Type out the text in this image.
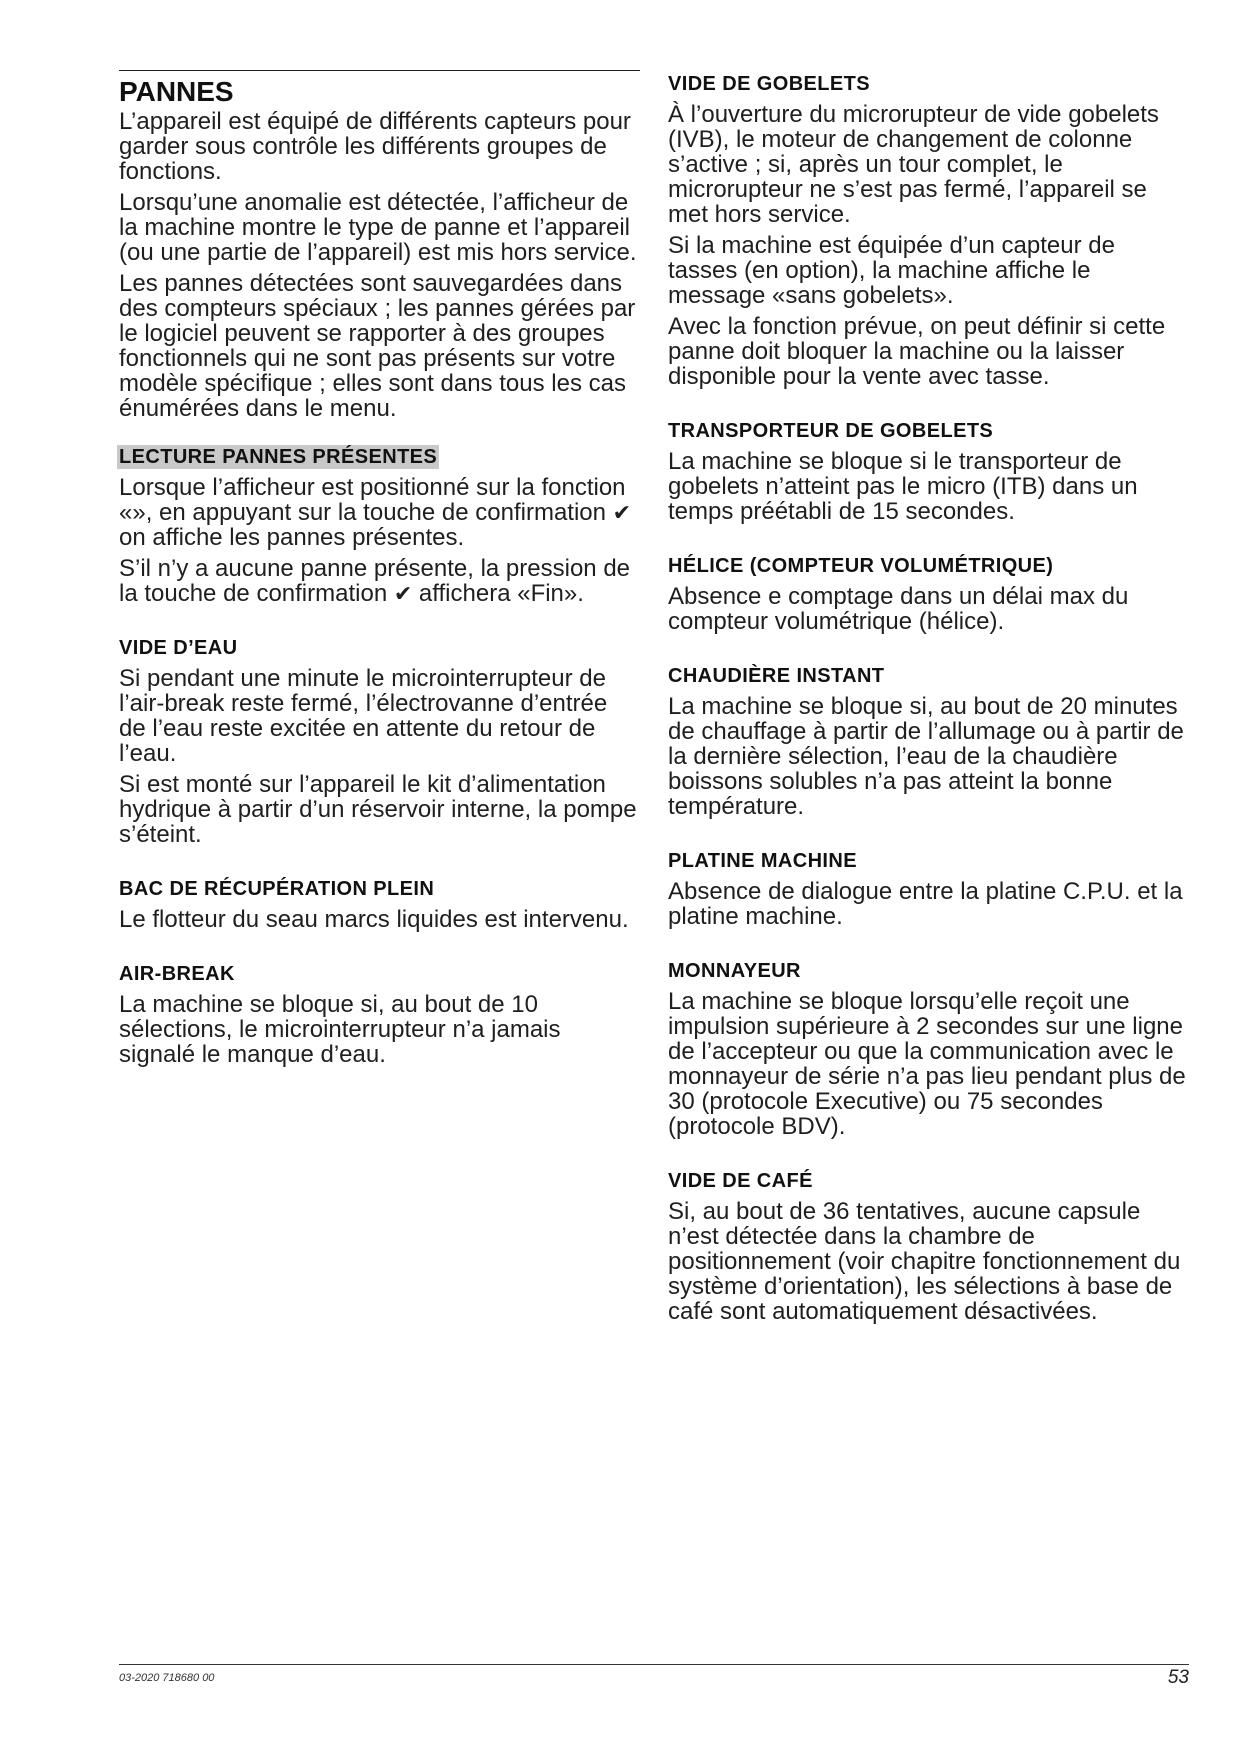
PANNES

L’appareil est équipé de différents capteurs pour garder sous contrôle les différents groupes de fonctions.

Lorsqu’une anomalie est détectée, l’afficheur de la machine montre le type de panne et l’appareil (ou une partie de l’appareil) est mis hors service.

Les pannes détectées sont sauvegardées dans des compteurs spéciaux ; les pannes gérées par le logiciel peuvent se rapporter à des groupes fonctionnels qui ne sont pas présents sur votre modèle spécifique ; elles sont dans tous les cas énumérées dans le menu.

LECTURE PANNES PRÉSENTES

Lorsque l’afficheur est positionné sur la fonction «», en appuyant sur la touche de confirmation ✔ on affiche les pannes présentes.

S’il n’y a aucune panne présente, la pression de la touche de confirmation ✔ affichera «Fin».

VIDE D’EAU

Si pendant une minute le microinterrupteur de l’air-break reste fermé, l’électrovanne d’entrée de l’eau reste excitée en attente du retour de l’eau.

Si est monté sur l’appareil le kit d’alimentation hydrique à partir d’un réservoir interne, la pompe s’éteint.

BAC DE RÉCUPÉRATION PLEIN

Le flotteur du seau marcs liquides est intervenu.

AIR-BREAK

La machine se bloque si, au bout de 10 sélections, le microinterrupteur n’a jamais signalé le manque d’eau.

VIDE DE GOBELETS

À l’ouverture du microrupteur de vide gobelets (IVB), le moteur de changement de colonne s’active ; si, après un tour complet, le microrupteur ne s’est pas fermé, l’appareil se met hors service.

Si la machine est équipée d’un capteur de tasses (en option), la machine affiche le message «sans gobelets».

Avec la fonction prévue, on peut définir si cette panne doit bloquer la machine ou la laisser disponible pour la vente avec tasse.

TRANSPORTEUR DE GOBELETS

La machine se bloque si le transporteur de gobelets n’atteint pas le micro (ITB) dans un temps préétabli de 15 secondes.

HÉLICE (COMPTEUR VOLUMÉTRIQUE)

Absence e comptage dans un délai max du compteur volumétrique (hélice).

CHAUDIÈRE INSTANT

La machine se bloque si, au bout de 20 minutes de chauffage à partir de l’allumage ou à partir de la dernière sélection, l’eau de la chaudière boissons solubles n’a pas atteint la bonne température.

PLATINE MACHINE

Absence de dialogue entre la platine C.P.U. et la platine machine.

MONNAYEUR

La machine se bloque lorsqu’elle reçoit une impulsion supérieure à 2 secondes sur une ligne de l’accepteur ou que la communication avec le monnayeur de série n’a pas lieu pendant plus de 30 (protocole Executive) ou 75 secondes (protocole BDV).

VIDE DE CAFÉ

Si, au bout de 36 tentatives, aucune capsule n’est détectée dans la chambre de positionnement (voir chapitre fonctionnement du système d’orientation), les sélections à base de café sont automatiquement désactivées.

03-2020 718680 00	53
